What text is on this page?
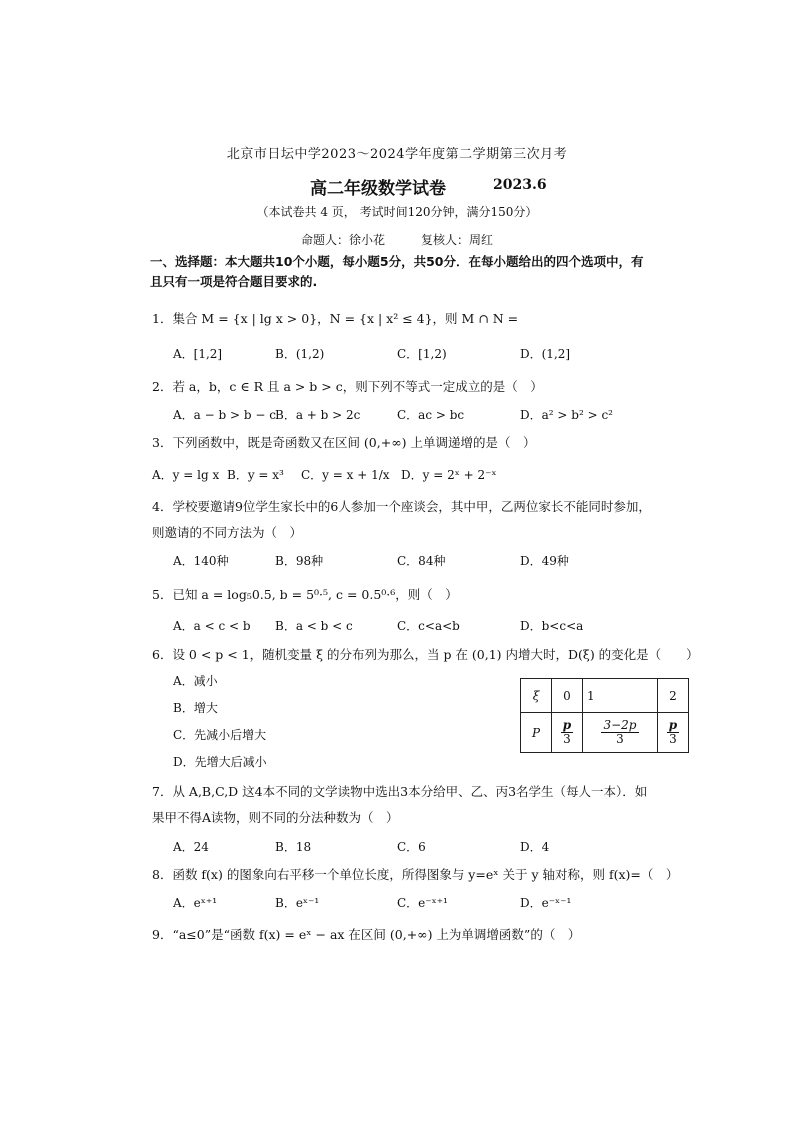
北京市日坛中学2023～2024学年度第二学期第三次月考
高二年级数学试卷	2023.6
（本试卷共 4 页， 考试时间120分钟，满分150分）
命题人：徐小花　　　复核人：周红
一、选择题：本大题共10个小题，每小题5分，共50分．在每小题给出的四个选项中，有且只有一项是符合题目要求的.
1．集合 M = {x | lg x > 0}，N = {x | x² ≤ 4}，则 M ∩ N =
A．[1,2]	B．(1,2)	C．[1,2)	D．(1,2]
2．若 a，b，c ∈ R 且 a > b > c，则下列不等式一定成立的是（　）
A．a − b > b − c B．a + b > 2c	C．ac > bc	D．a² > b² > c²
3．下列函数中，既是奇函数又在区间 (0,+∞) 上单调递增的是（　）
A．y = lg x B．y = x³ C．y = x + 1/x D．y = 2ˣ + 2⁻ˣ
4．学校要邀请9位学生家长中的6人参加一个座谈会，其中甲，乙两位家长不能同时参加，
则邀请的不同方法为（　）
A．140种	B．98种	C．84种	D．49种
5．已知 a = log₅0.5, b = 5⁰·⁵, c = 0.5⁰·⁶，则（　）
A．a < c < b B．a < b < c	C．c<a<b	D．b<c<a
6．设 0 < p < 1，随机变量 ξ 的分布列为那么，当 p 在 (0,1) 内增大时，D(ξ) 的变化是（　　）
A．减小
B．增大
C．先减小后增大
D．先增大后减小
ξ	0	1	2
P	$\frac{p}{3}$	$\frac{3-2p}{3}$	$\frac{p}{3}$
7．从 A,B,C,D 这4本不同的文学读物中选出3本分给甲、乙、丙3名学生（每人一本）．如
果甲不得A读物，则不同的分法种数为（　）
A．24	B．18	C．6	D．4
8．函数 f(x) 的图象向右平移一个单位长度，所得图象与 y=eˣ 关于 y 轴对称，则 f(x)=（　）
A．eˣ⁺¹	B．eˣ⁻¹	C．e⁻ˣ⁺¹	D．e⁻ˣ⁻¹
9．“a≤0”是“函数 f(x) = eˣ − ax 在区间 (0,+∞) 上为单调增函数”的（　）
